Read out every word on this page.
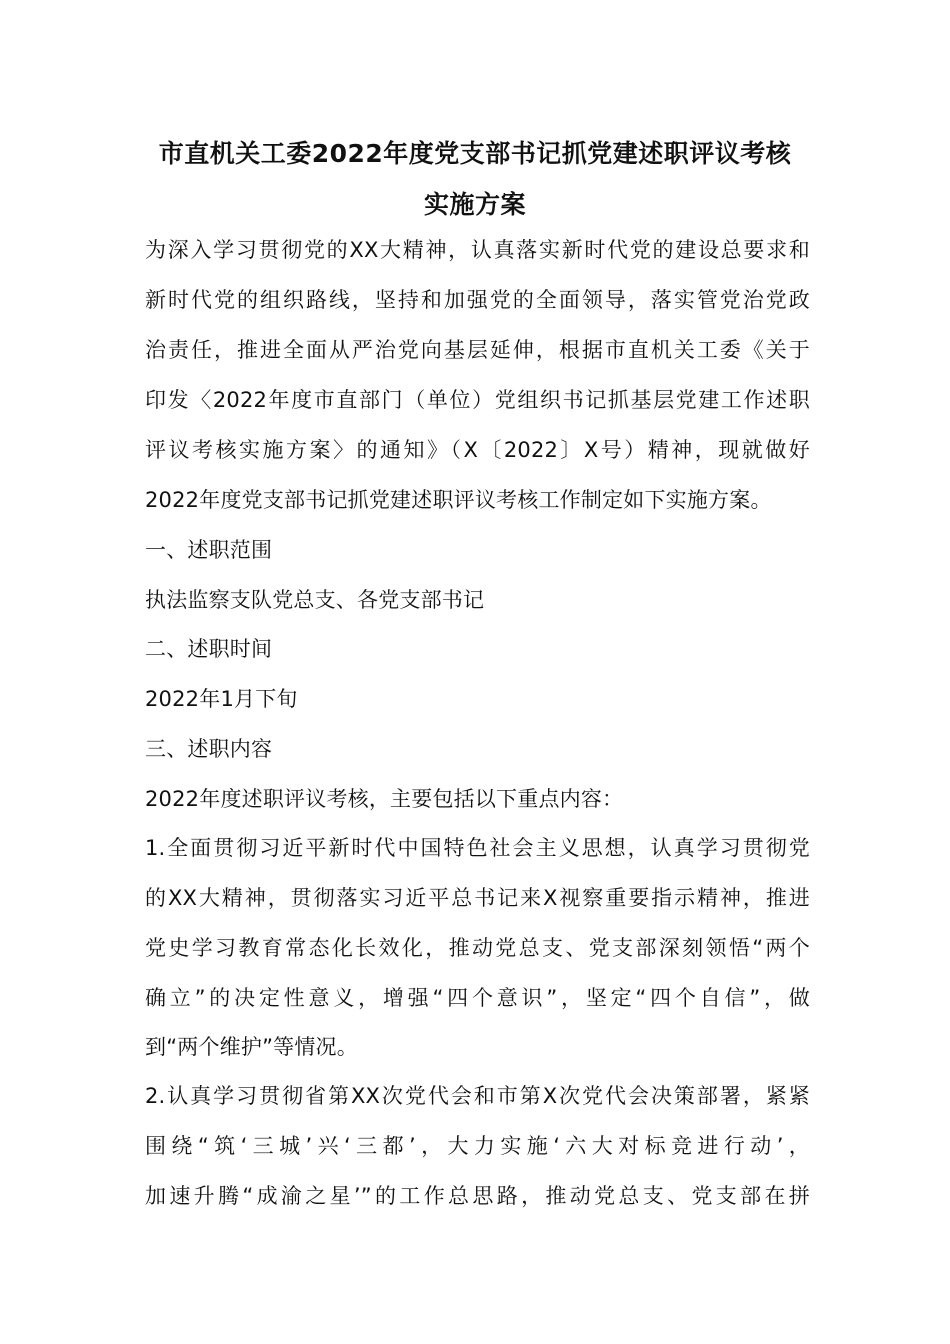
市直机关工委2022年度党支部书记抓党建述职评议考核
实施方案
为深入学习贯彻党的XX大精神，认真落实新时代党的建设总要求和
新时代党的组织路线，坚持和加强党的全面领导，落实管党治党政
治责任，推进全面从严治党向基层延伸，根据市直机关工委《关于
印发〈2022年度市直部门（单位）党组织书记抓基层党建工作述职
评议考核实施方案〉的通知》（X〔2022〕X号）精神，现就做好
2022年度党支部书记抓党建述职评议考核工作制定如下实施方案。
一、述职范围
执法监察支队党总支、各党支部书记
二、述职时间
2022年1月下旬
三、述职内容
2022年度述职评议考核，主要包括以下重点内容：
1.全面贯彻习近平新时代中国特色社会主义思想，认真学习贯彻党
的XX大精神，贯彻落实习近平总书记来X视察重要指示精神，推进
党史学习教育常态化长效化，推动党总支、党支部深刻领悟“两个
确立”的决定性意义，增强“四个意识”，坚定“四个自信”，做
到“两个维护”等情况。
2.认真学习贯彻省第XX次党代会和市第X次党代会决策部署，紧紧
围绕“筑‘三城’兴‘三都’，大力实施‘六大对标竞进行动’，
加速升腾“成渝之星’”的工作总思路，推动党总支、党支部在拼
